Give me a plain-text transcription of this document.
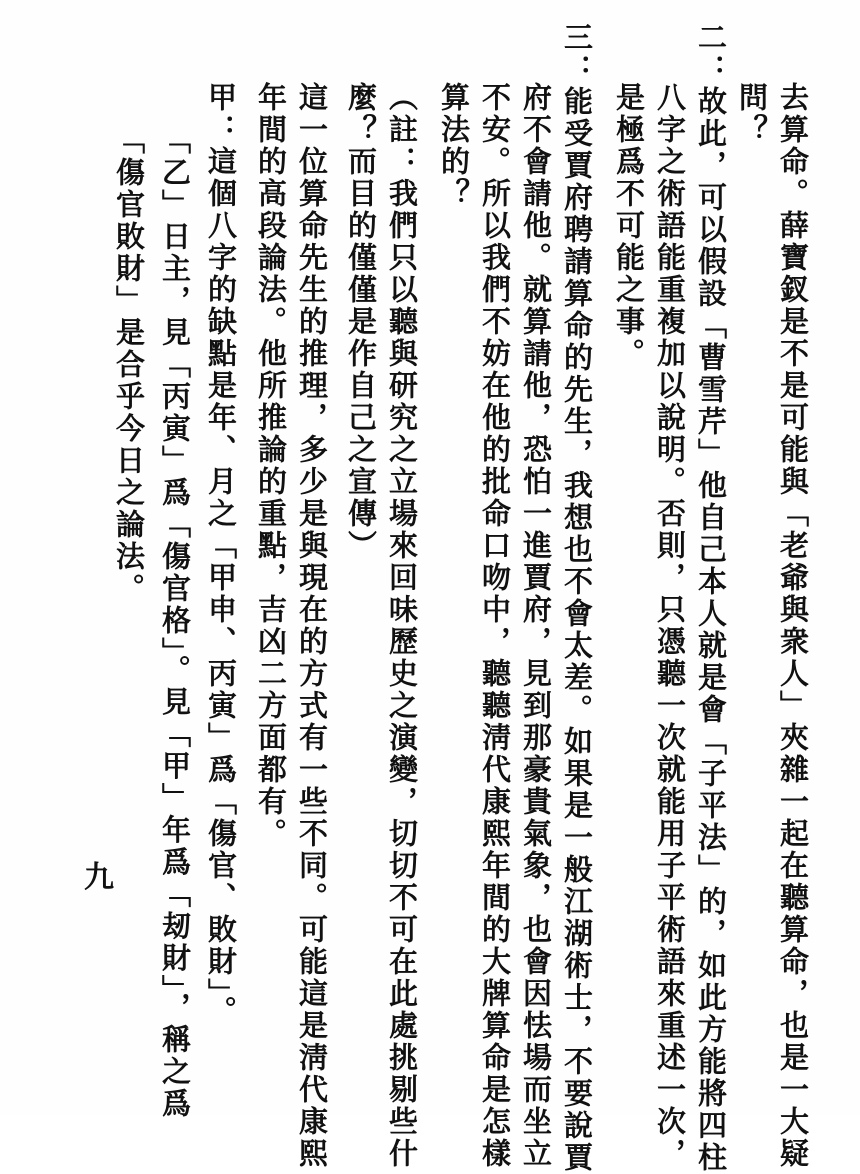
去算命。薛寶釵是不是可能與「老爺與衆人」夾雜一起在聽算命，也是一大疑
問？
二：故此，可以假設「曹雪芹」他自己本人就是會「子平法」的，如此方能將四柱
八字之術語能重複加以說明。否則，只憑聽一次就能用子平術語來重述一次，
是極爲不可能之事。
三：能受賈府聘請算命的先生，我想也不會太差。如果是一般江湖術士，不要說賈
府不會請他。就算請他，恐怕一進賈府，見到那豪貴氣象，也會因怯場而坐立
不安。所以我們不妨在他的批命口吻中，聽聽淸代康熙年間的大牌算命是怎樣
算法的？
（註：我們只以聽與研究之立場來回味歷史之演變，切切不可在此處挑剔些什
麼？而目的僅僅是作自己之宣傳）
這一位算命先生的推理，多少是與現在的方式有一些不同。可能這是淸代康熙
年間的高段論法。他所推論的重點，吉凶二方面都有。
甲：這個八字的缺點是年、月之「甲申、丙寅」爲「傷官、敗財」。
「乙」日主，見「丙寅」爲「傷官格」。見「甲」年爲「刼財」，稱之爲
「傷官敗財」是合乎今日之論法。
九
